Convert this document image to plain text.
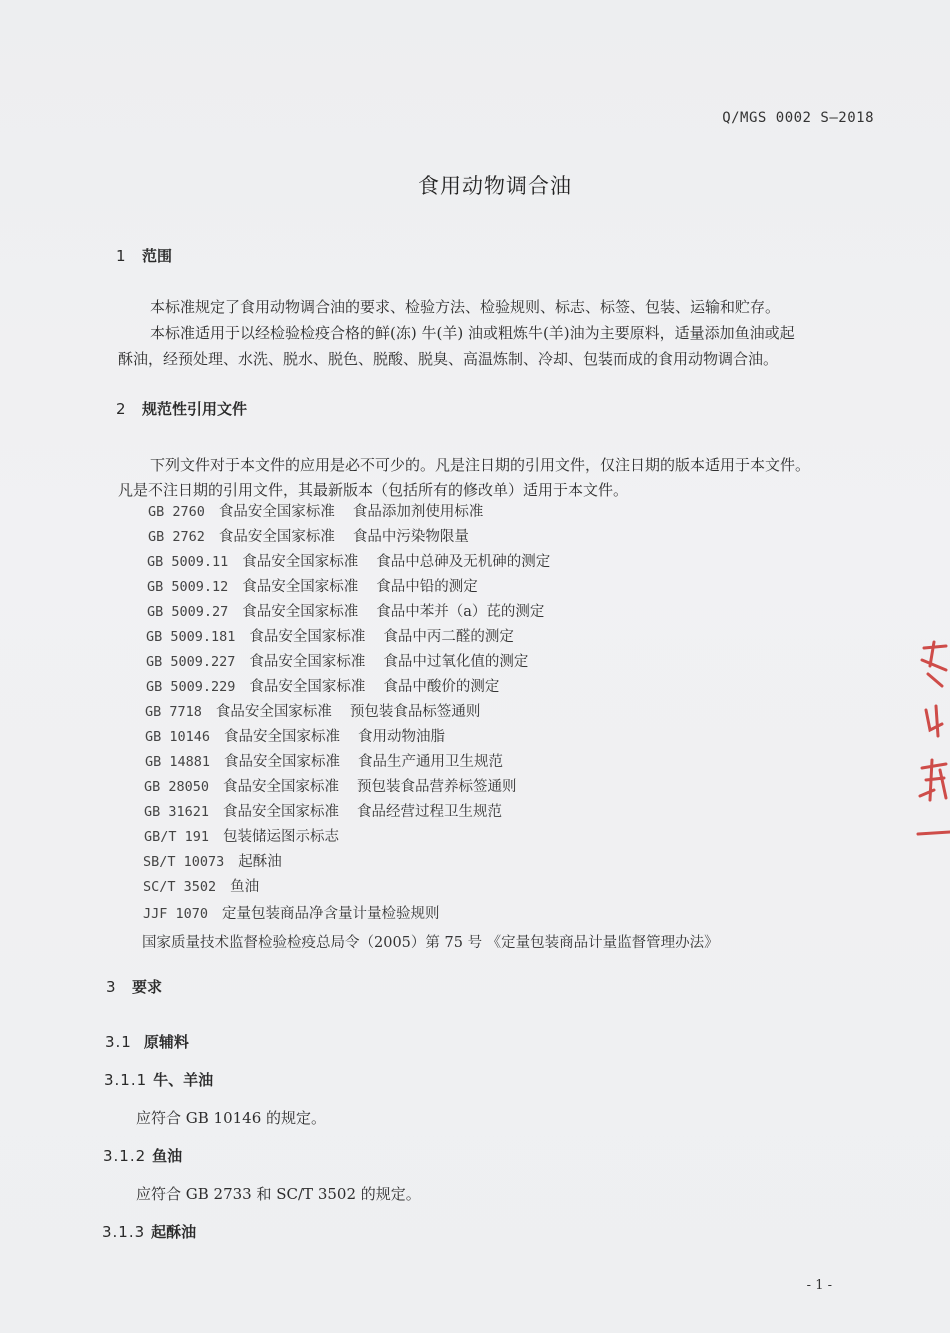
Q/MGS 0002 S—2018
食用动物调合油
1 范围
本标准规定了食用动物调合油的要求、检验方法、检验规则、标志、标签、包装、运输和贮存。
本标准适用于以经检验检疫合格的鲜(冻) 牛(羊) 油或粗炼牛(羊)油为主要原料，适量添加鱼油或起
酥油，经预处理、水洗、脱水、脱色、脱酸、脱臭、高温炼制、冷却、包装而成的食用动物调合油。
2 规范性引用文件
下列文件对于本文件的应用是必不可少的。凡是注日期的引用文件，仅注日期的版本适用于本文件。
凡是不注日期的引用文件，其最新版本（包括所有的修改单）适用于本文件。
GB 2760 食品安全国家标准 食品添加剂使用标准
GB 2762 食品安全国家标准 食品中污染物限量
GB 5009.11 食品安全国家标准 食品中总砷及无机砷的测定
GB 5009.12 食品安全国家标准 食品中铅的测定
GB 5009.27 食品安全国家标准 食品中苯并（a）芘的测定
GB 5009.181 食品安全国家标准 食品中丙二醛的测定
GB 5009.227 食品安全国家标准 食品中过氧化值的测定
GB 5009.229 食品安全国家标准 食品中酸价的测定
GB 7718 食品安全国家标准 预包装食品标签通则
GB 10146 食品安全国家标准 食用动物油脂
GB 14881 食品安全国家标准 食品生产通用卫生规范
GB 28050 食品安全国家标准 预包装食品营养标签通则
GB 31621 食品安全国家标准 食品经营过程卫生规范
GB/T 191 包装储运图示标志
SB/T 10073 起酥油
SC/T 3502 鱼油
JJF 1070 定量包装商品净含量计量检验规则
国家质量技术监督检验检疫总局令（2005）第 75 号 《定量包装商品计量监督管理办法》
3 要求
3.1 原辅料
3.1.1 牛、羊油
应符合 GB 10146 的规定。
3.1.2 鱼油
应符合 GB 2733 和 SC/T 3502 的规定。
3.1.3 起酥油
- 1 -
